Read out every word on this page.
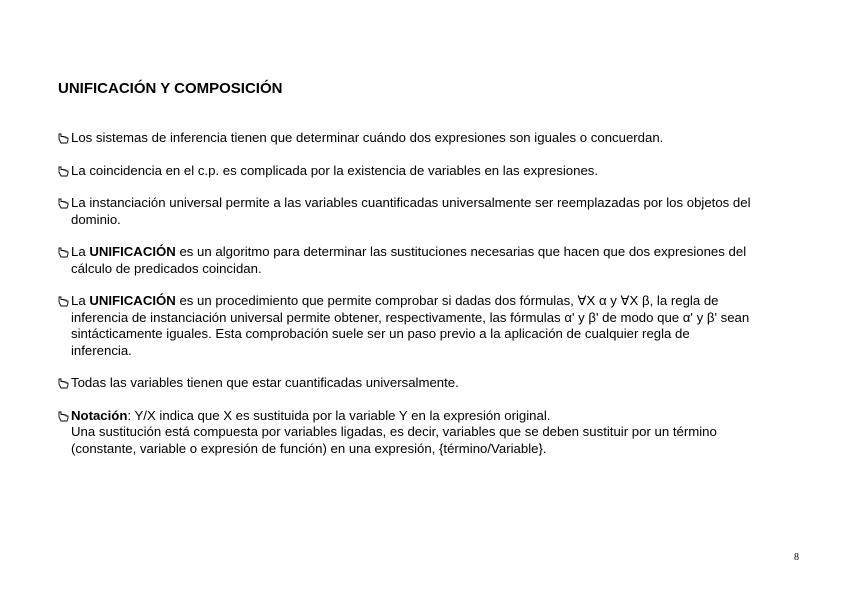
UNIFICACIÓN Y COMPOSICIÓN
Los sistemas de inferencia tienen que determinar cuándo dos expresiones son iguales o concuerdan.
La coincidencia en el c.p. es complicada por la existencia de variables en las expresiones.
La instanciación universal permite a las variables cuantificadas universalmente ser reemplazadas por los objetos del
dominio.
La UNIFICACIÓN es un algoritmo para determinar las sustituciones necesarias que hacen que dos expresiones del
cálculo de predicados coincidan.
La UNIFICACIÓN es un procedimiento que permite comprobar si dadas dos fórmulas, ∀X α y ∀X β, la regla de
inferencia de instanciación universal permite obtener, respectivamente, las fórmulas α' y β' de modo que α' y β' sean
sintácticamente iguales. Esta comprobación suele ser un paso previo a la aplicación de cualquier regla de
inferencia.
Todas las variables tienen que estar cuantificadas universalmente.
Notación: Y/X indica que X es sustituida por la variable Y en la expresión original.
Una sustitución está compuesta por variables ligadas, es decir, variables que se deben sustituir por un término
(constante, variable o expresión de función) en una expresión, {término/Variable}.
8
